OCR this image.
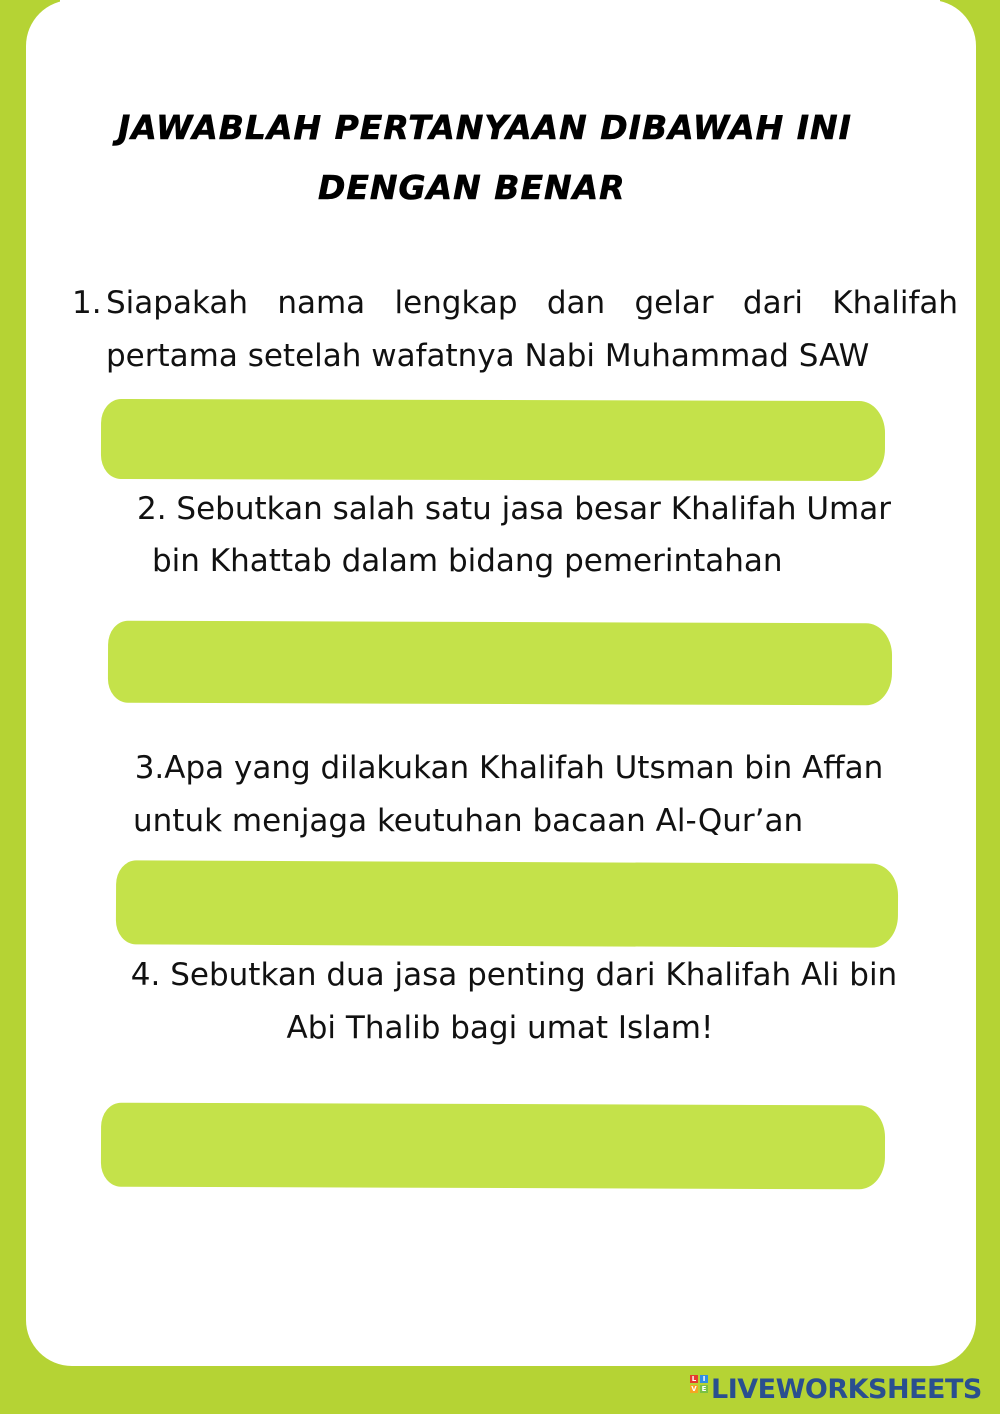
JAWABLAH PERTANYAAN DIBAWAH INI
DENGAN BENAR
1. Siapakah nama lengkap dan gelar dari Khalifah
pertama setelah wafatnya Nabi Muhammad SAW
2. Sebutkan salah satu jasa besar Khalifah Umar
bin Khattab dalam bidang pemerintahan
3.Apa yang dilakukan Khalifah Utsman bin Affan
untuk menjaga keutuhan bacaan Al-Qur’an
4. Sebutkan dua jasa penting dari Khalifah Ali bin
Abi Thalib bagi umat Islam!
L I
V E LIVEWORKSHEETS
